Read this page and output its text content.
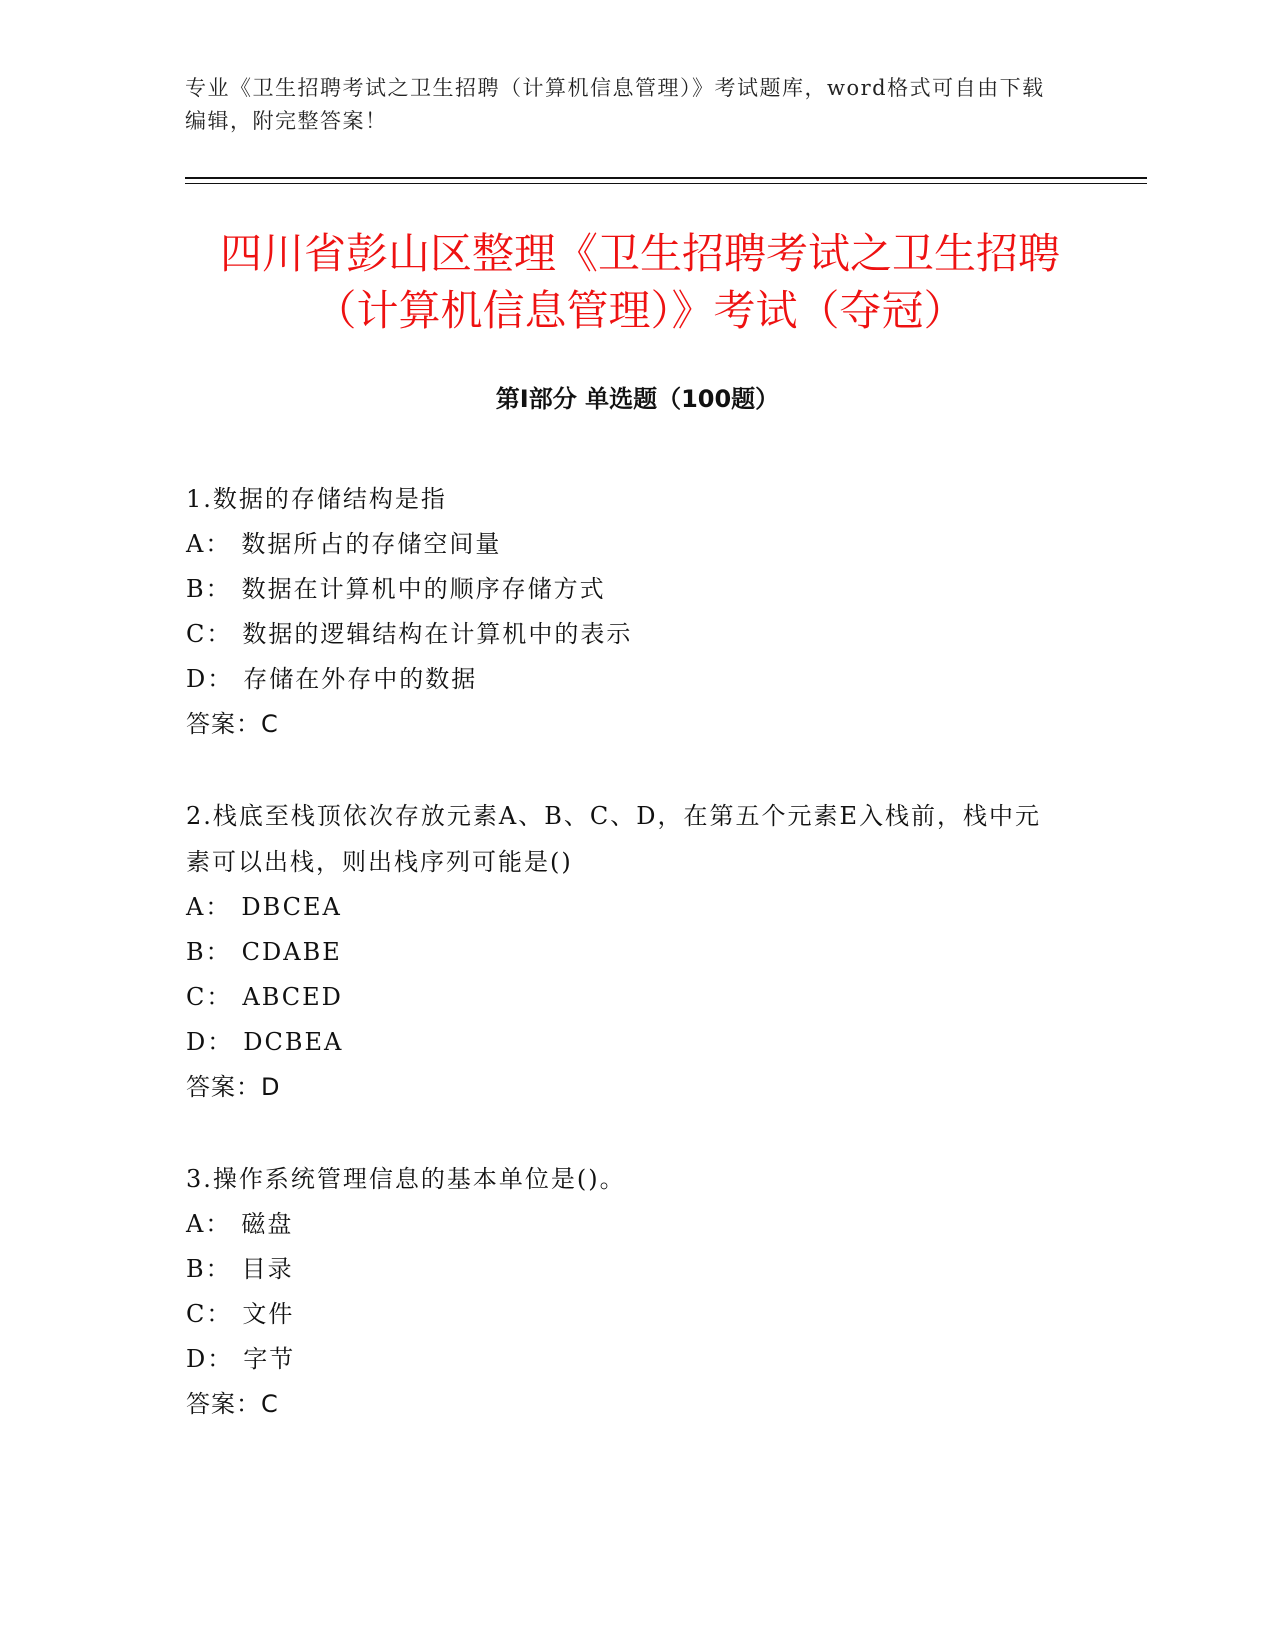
专业《卫生招聘考试之卫生招聘（计算机信息管理）》考试题库，word格式可自由下载编辑，附完整答案！
四川省彭山区整理《卫生招聘考试之卫生招聘（计算机信息管理）》考试（夺冠）
第Ⅰ部分 单选题（100题）
1.数据的存储结构是指
A： 数据所占的存储空间量
B： 数据在计算机中的顺序存储方式
C： 数据的逻辑结构在计算机中的表示
D： 存储在外存中的数据
答案：C
2.栈底至栈顶依次存放元素A、B、C、D，在第五个元素E入栈前，栈中元素可以出栈，则出栈序列可能是()
A： DBCEA
B： CDABE
C： ABCED
D： DCBEA
答案：D
3.操作系统管理信息的基本单位是()。
A： 磁盘
B： 目录
C： 文件
D： 字节
答案：C
